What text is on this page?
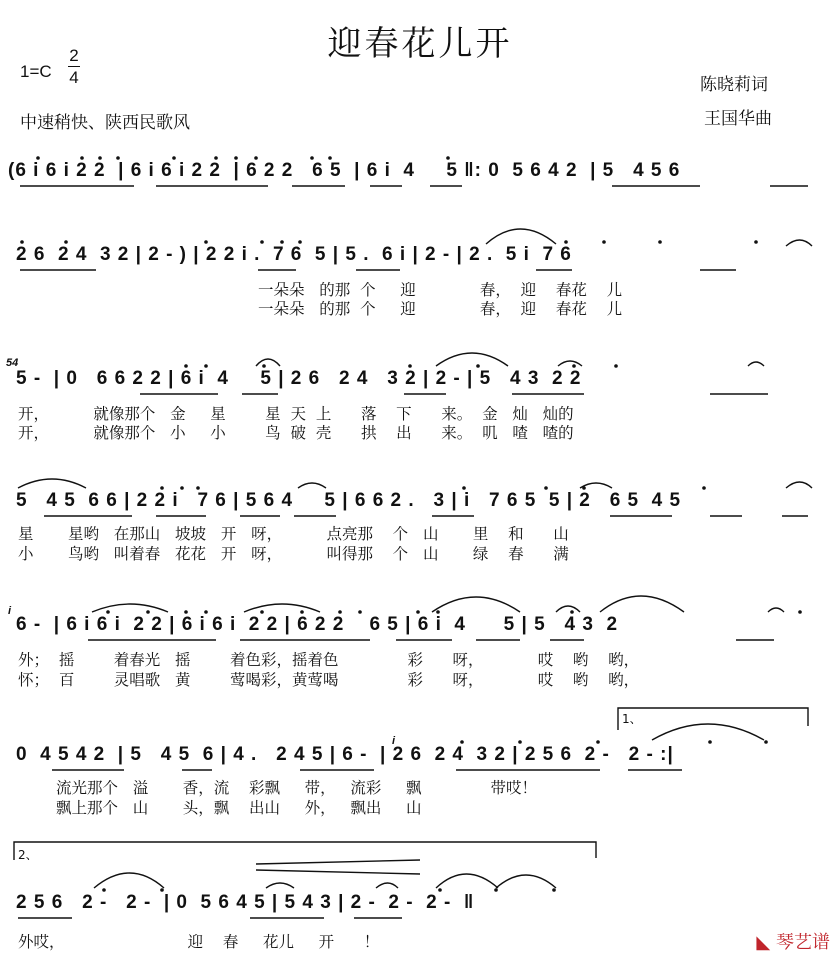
迎春花儿开
1=C
2
4
中速稍快、陕西民歌风
陈晓莉词
王国华曲
(6 i 6 i 2 2  | 6 i 6 i 2 2  | 6 2 2   6 5  | 6 i  4     5 ‖: 0  5 6 4 2  | 5   4 5 6
2 6  2 4  3 2 | 2 - ) | 2 2 i .  7 6  5 | 5 .  6 i | 2 - | 2 .  5 i  7 6
一朵朵   的那  个     迎             春，  迎    春花    儿
一朵朵   的那  个     迎             春，  迎    春花    儿
54
5 -  | 0   6 6 2 2 | 6 i  4     5 | 2 6   2 4   3 2 | 2 - | 5   4 3  2 2
开，         就像那个   金     星        星  天  上      落    下      来。  金   灿   灿的
开，         就像那个   小     小        鸟  破  壳      拱    出      来。  叽   喳   喳的
5   4 5  6 6 | 2 2 i   7 6 | 5 6 4     5 | 6 6 2 .   3 | i   7 6 5  5 | 2   6 5  4 5
星       星哟   在那山   坡坡   开   呀，         点亮那    个   山       里    和      山
小       鸟哟   叫着春   花花   开   呀，         叫得那    个   山       绿    春      满
i
6 -  | 6 i 6 i  2 2 | 6 i 6 i  2 2 | 6 2 2    6 5 | 6 i  4      5 | 5   4 3  2
外；  摇        着春光   摇        着色彩，摇着色              彩      呀，           哎    哟    哟，
怀；  百        灵唱歌   黄        莺喝彩，黄莺喝              彩      呀，           哎    哟    哟，
1、
i
0  4 5 4 2  | 5   4 5  6 | 4 .   2 4 5 | 6 -  | 2 6  2 4  3 2 | 2 5 6  2 -   2 - :|
流光那个   溢       香，流    彩飘     带，   流彩     飘              带哎！
飘上那个   山       头，飘    出山     外，   飘出     山
2、
2 5 6   2 -   2 -  | 0  5 6 4 5 | 5 4 3 | 2 -  2 -  2 -  ‖
外哎，                         迎    春     花儿     开      ！	◣ 琴艺谱
